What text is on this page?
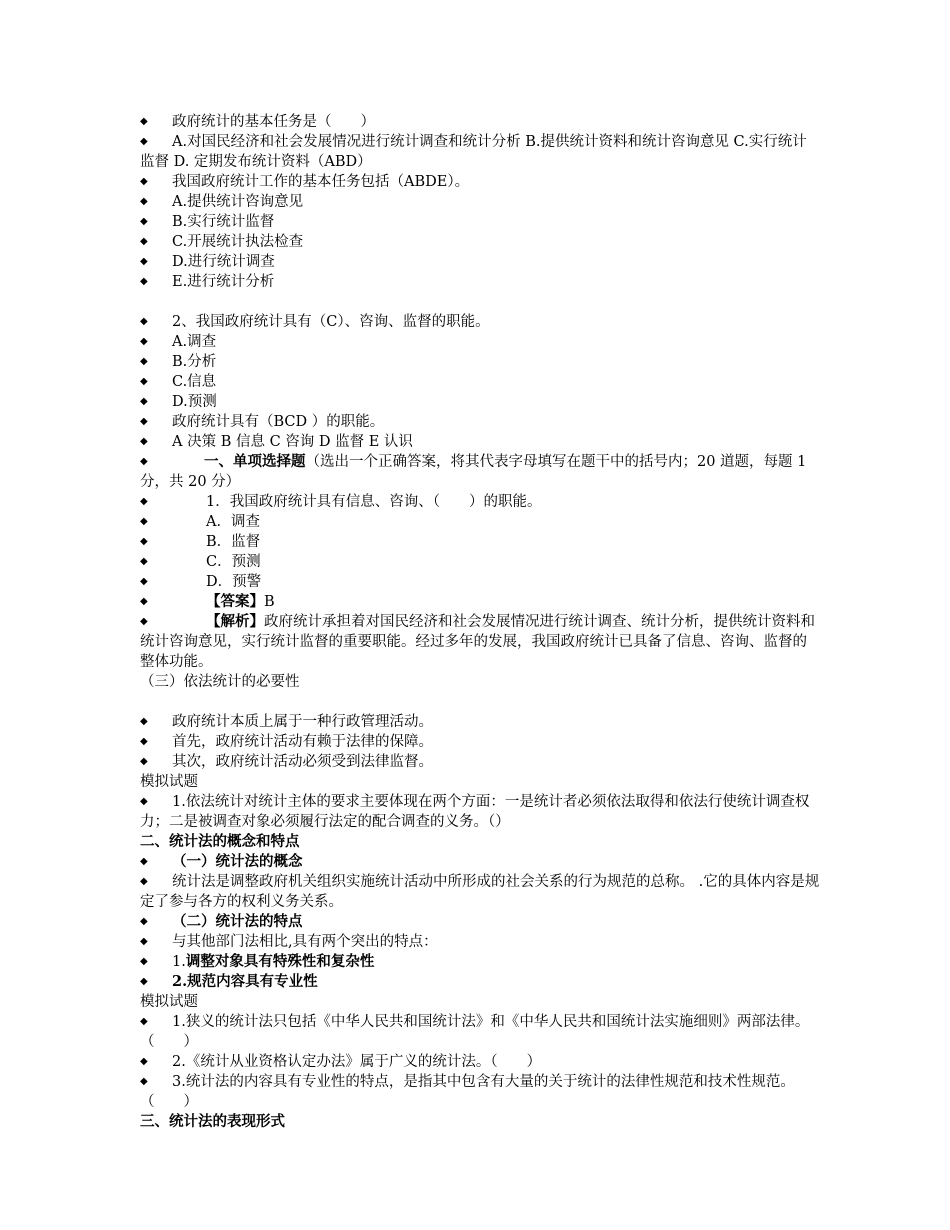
◆ 政府统计的基本任务是（　　）
◆ A.对国民经济和社会发展情况进行统计调查和统计分析 B.提供统计资料和统计咨询意见 C.实行统计监督 D. 定期发布统计资料（ABD）
◆ 我国政府统计工作的基本任务包括（ABDE）。
◆ A.提供统计咨询意见
◆ B.实行统计监督
◆ C.开展统计执法检查
◆ D.进行统计调查
◆ E.进行统计分析
◆ 2、我国政府统计具有（C）、咨询、监督的职能。
◆ A.调查
◆ B.分析
◆ C.信息
◆ D.预测
◆ 政府统计具有（BCD ）的职能。
◆ A 决策 B 信息 C 咨询 D 监督 E 认识
◆ 一、单项选择题（选出一个正确答案，将其代表字母填写在题干中的括号内；20 道题，每题 1 分，共 20 分）
◆ 1．我国政府统计具有信息、咨询、（　　）的职能。
◆ A．调查
◆ B．监督
◆ C．预测
◆ D．预警
◆ 【答案】B
◆ 【解析】政府统计承担着对国民经济和社会发展情况进行统计调查、统计分析，提供统计资料和统计咨询意见，实行统计监督的重要职能。经过多年的发展，我国政府统计已具备了信息、咨询、监督的整体功能。
（三）依法统计的必要性
◆ 政府统计本质上属于一种行政管理活动。
◆ 首先，政府统计活动有赖于法律的保障。
◆ 其次，政府统计活动必须受到法律监督。
模拟试题
◆ 1.依法统计对统计主体的要求主要体现在两个方面：一是统计者必须依法取得和依法行使统计调查权力；二是被调查对象必须履行法定的配合调查的义务。（）
二、统计法的概念和特点
◆ （一）统计法的概念
◆ 统计法是调整政府机关组织实施统计活动中所形成的社会关系的行为规范的总称。 .它的具体内容是规定了参与各方的权利义务关系。
◆ （二）统计法的特点
◆ 与其他部门法相比,具有两个突出的特点：
◆ 1.调整对象具有特殊性和复杂性
◆ 2.规范内容具有专业性
模拟试题
◆ 1.狭义的统计法只包括《中华人民共和国统计法》和《中华人民共和国统计法实施细则》两部法律。（　　）
◆ 2.《统计从业资格认定办法》属于广义的统计法。（　　）
◆ 3.统计法的内容具有专业性的特点，是指其中包含有大量的关于统计的法律性规范和技术性规范。（　　）
三、统计法的表现形式
